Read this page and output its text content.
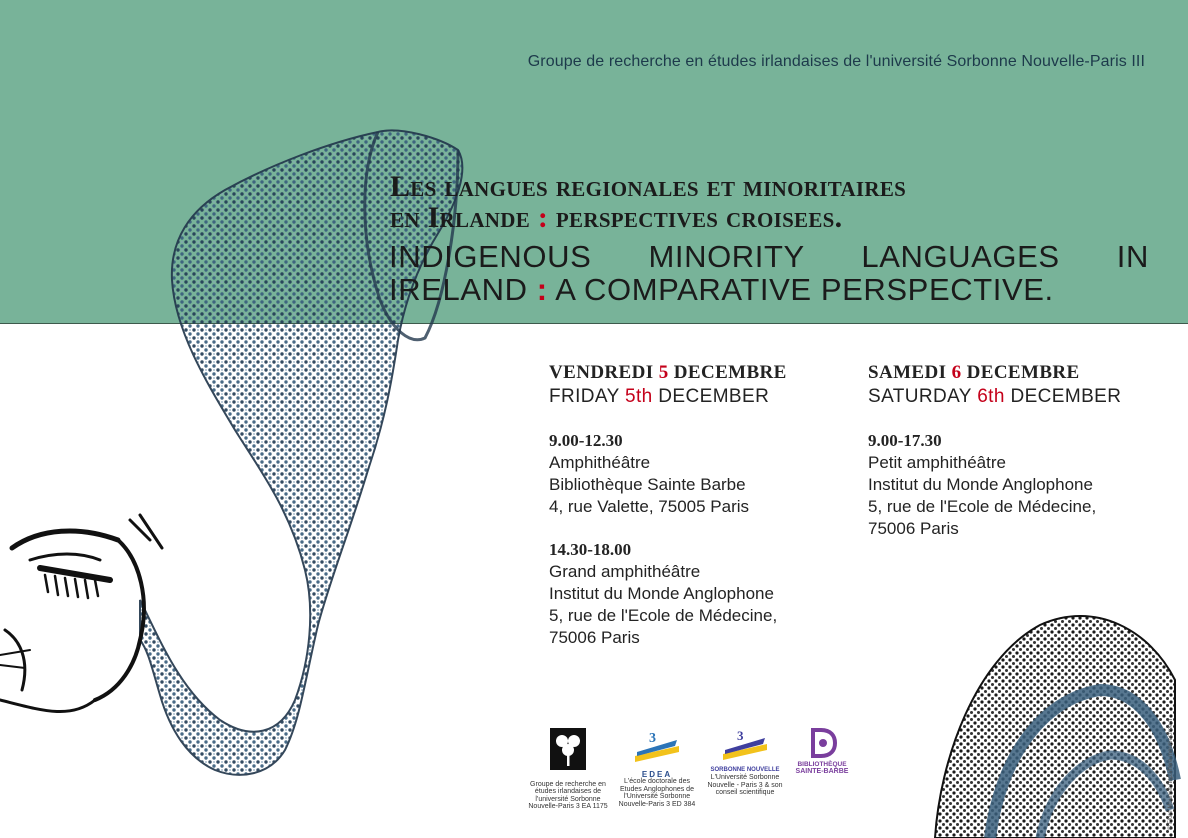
Groupe de recherche en études irlandaises de l'université Sorbonne Nouvelle-Paris III
Les langues regionales et minoritaires
en Irlande : perspectives croisees.
INDIGENOUS MINORITY LANGUAGES IN
IRELAND : A COMPARATIVE PERSPECTIVE.
VENDREDI 5 DECEMBRE
FRIDAY 5th DECEMBER
9.00-12.30
Amphithéâtre
Bibliothèque Sainte Barbe
4, rue Valette, 75005 Paris
14.30-18.00
Grand amphithéâtre
Institut du Monde Anglophone
5, rue de l'Ecole de Médecine,
75006 Paris
SAMEDI 6 DECEMBRE
SATURDAY 6th DECEMBER
9.00-17.30
Petit amphithéâtre
Institut du Monde Anglophone
5, rue de l'Ecole de Médecine,
75006 Paris
Groupe de recherche en études irlandaises de l'université Sorbonne Nouvelle-Paris 3 EA 1175
3
EDEA
L'école doctorale des Etudes Anglophones de l'Université Sorbonne Nouvelle-Paris 3 ED 384
3
SORBONNE NOUVELLE
L'Université Sorbonne Nouvelle - Paris 3 & son conseil scientifique
BIBLIOTHÈQUE
SAINTE-BARBE	© Flore Mounier http://flore.mounier.free.fr
